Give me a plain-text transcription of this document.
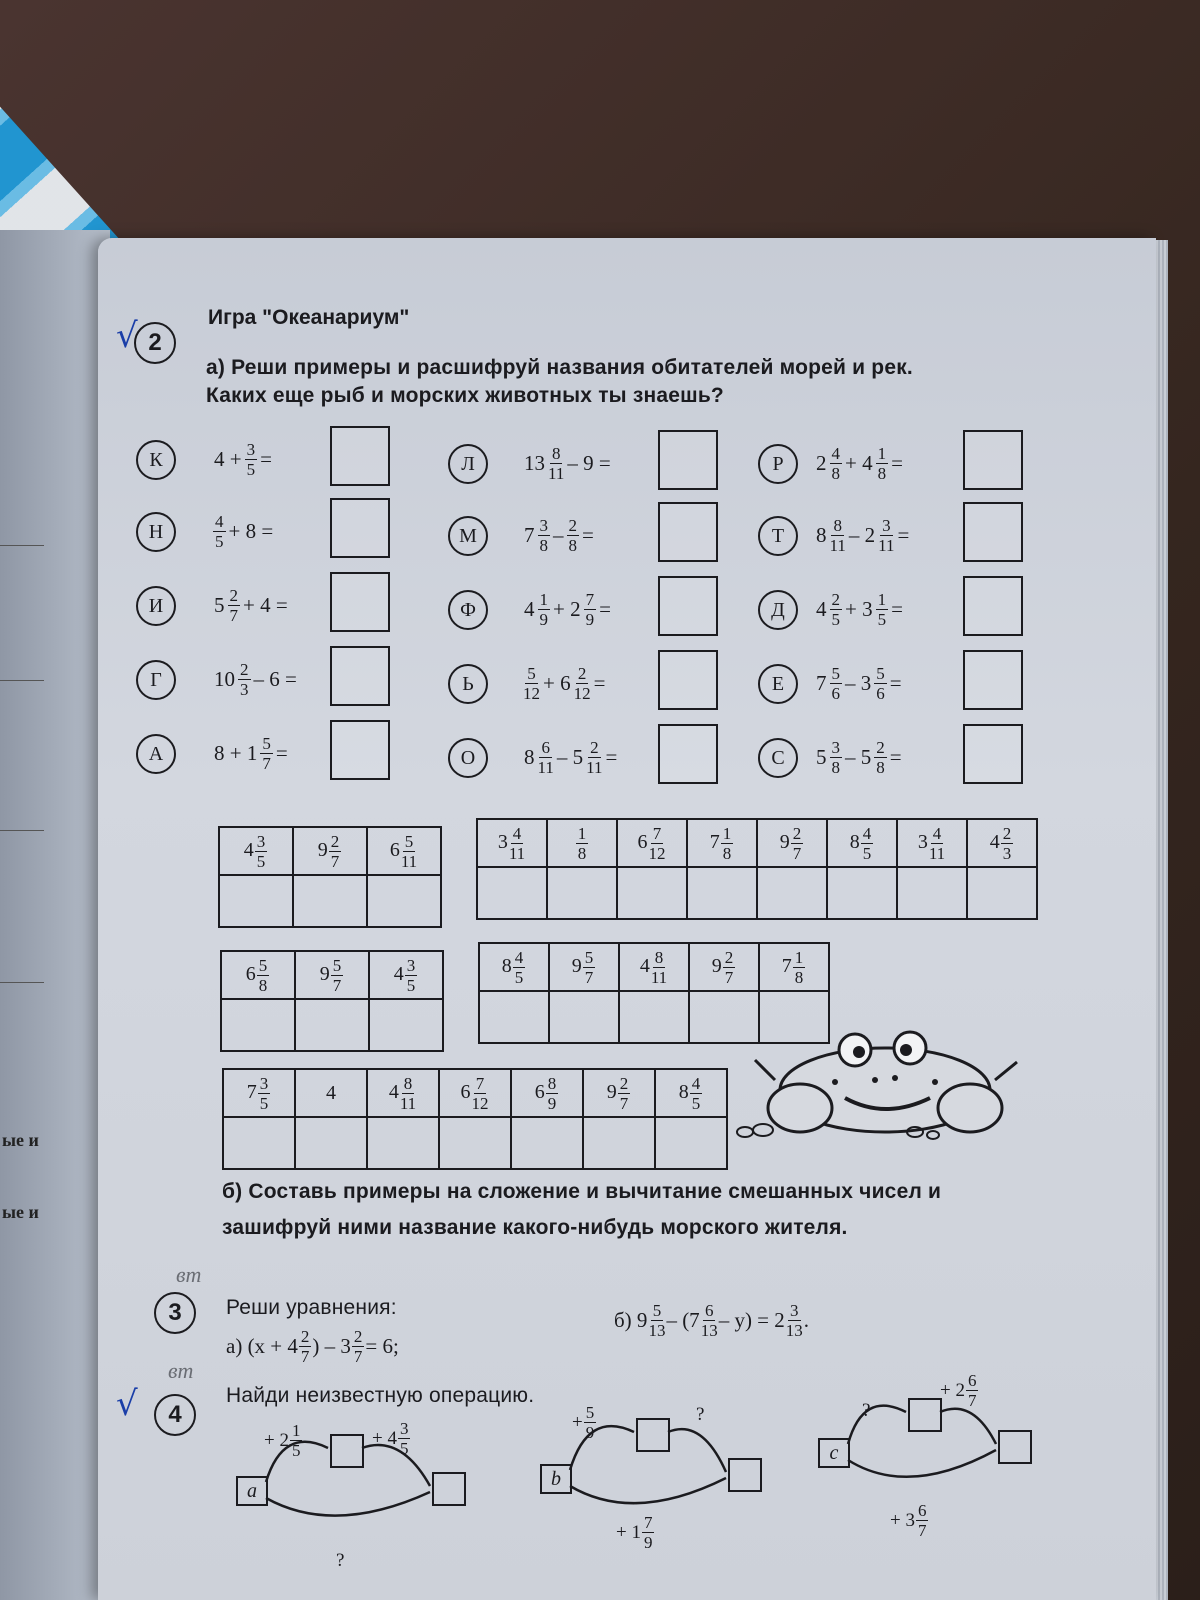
ые и
ые и
√ 2
Игра "Океанариум"
а) Реши примеры и расшифруй названия обитателей морей и рек.
Каких еще рыб и морских животных ты знаешь?
К	$4 + \frac{3}{5}$ =
Н	$\frac{4}{5} + 8$ =
И	$5 \frac{2}{7} + 4$ =
Г	$10 \frac{2}{3} - 6$ =
А	$8 + 1 \frac{5}{7}$ =
Л	$13 \frac{8}{11} - 9$ =
М	$7 \frac{3}{8} - \frac{2}{8}$ =
Ф	$4 \frac{1}{9} + 2 \frac{7}{9}$ =
Ь	$\frac{5}{12} + 6 \frac{2}{12}$ =
О	$8 \frac{6}{11} - 5 \frac{2}{11}$ =
Р	$2 \frac{4}{8} + 4 \frac{1}{8}$ =
Т	$8 \frac{8}{11} - 2 \frac{3}{11}$ =
Д	$4 \frac{2}{5} + 3 \frac{1}{5}$ =
Е	$7 \frac{5}{6} - 3 \frac{5}{6}$ =
С	$5 \frac{3}{8} - 5 \frac{2}{8}$ =
$4 \frac{3}{5}$	$9 \frac{2}{7}$	$6 \frac{5}{11}$

			$3 \frac{4}{11}$	$\frac{1}{8}$	$6 \frac{7}{12}$	$7 \frac{1}{8}$	$9 \frac{2}{7}$	$8 \frac{4}{5}$	$3 \frac{4}{11}$	$4 \frac{2}{3}$

$6 \frac{5}{8}$	$9 \frac{5}{7}$	$4 \frac{3}{5}$

			$8 \frac{4}{5}$	$9 \frac{5}{7}$	$4 \frac{8}{11}$	$9 \frac{2}{7}$	$7 \frac{1}{8}$

$7 \frac{3}{5}$	4	$4 \frac{8}{11}$	$6 \frac{7}{12}$	$6 \frac{8}{9}$	$9 \frac{2}{7}$	$8 \frac{4}{5}$

б) Составь примеры на сложение и вычитание смешанных чисел и
зашифруй ними название какого-нибудь морского жителя.
вт
3	Реши уравнения:
а) (x + 4 2
7 ) – $3 \frac{2}{7} = 6$;
б) 9 5
13 – (7 6
13 – y) = 2 3
13 .
вт
√	4
Найди неизвестную операцию.
a
+ $2 \frac{1}{5}$	+ $4 \frac{3}{5}$
?
b
+ $\frac{5}{9}$	?
+ $1 \frac{7}{9}$
c
?
+ $2 \frac{6}{7}$
+ $3 \frac{6}{7}$
